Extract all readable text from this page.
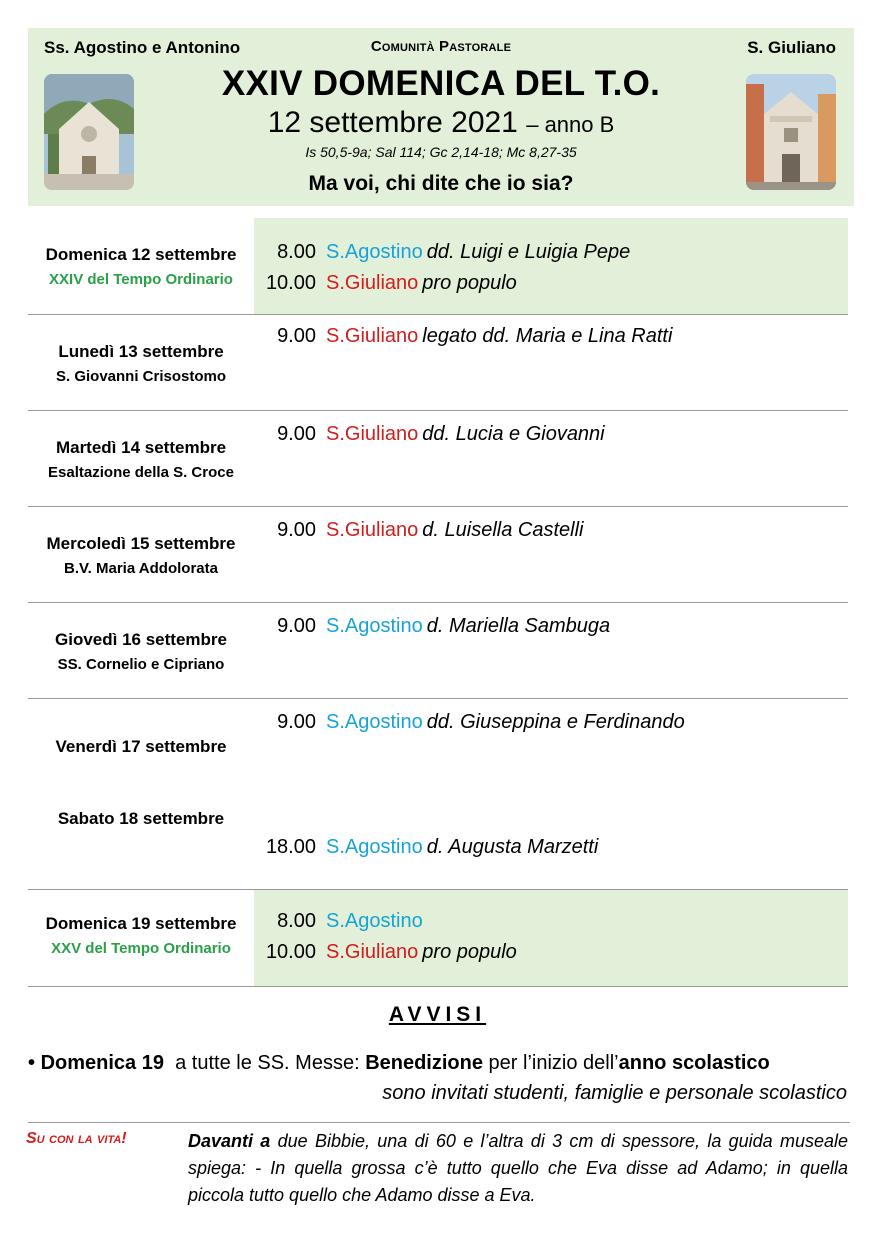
Ss. Agostino e Antonino	Comunità Pastorale	S. Giuliano
XXIV DOMENICA DEL T.O.
12 settembre 2021 – anno B
Is 50,5-9a; Sal 114; Gc 2,14-18; Mc 8,27-35
Ma voi, chi dite che io sia?
Domenica 12 settembre
XXIV del Tempo Ordinario
8.00 S.Agostino dd. Luigi e Luigia Pepe
10.00 S.Giuliano pro populo
Lunedì 13 settembre
S. Giovanni Crisostomo
9.00 S.Giuliano legato dd. Maria e Lina Ratti
Martedì 14 settembre
Esaltazione della S. Croce
9.00 S.Giuliano dd. Lucia e Giovanni
Mercoledì 15 settembre
B.V. Maria Addolorata
9.00 S.Giuliano d. Luisella Castelli
Giovedì 16 settembre
SS. Cornelio e Cipriano
9.00 S.Agostino d. Mariella Sambuga
Venerdì 17 settembre
9.00 S.Agostino dd. Giuseppina e Ferdinando
Sabato 18 settembre
18.00 S.Agostino d. Augusta Marzetti
Domenica 19 settembre
XXV del Tempo Ordinario
8.00 S.Agostino
10.00 S.Giuliano pro populo
AVVISI
• Domenica 19 a tutte le SS. Messe: Benedizione per l’inizio dell’anno scolastico
sono invitati studenti, famiglie e personale scolastico
Su con la vita!	Davanti a due Bibbie, una di 60 e l’altra di 3 cm di spessore, la guida museale spiega: - In quella grossa c’è tutto quello che Eva disse ad Adamo; in quella piccola tutto quello che Adamo disse a Eva.
